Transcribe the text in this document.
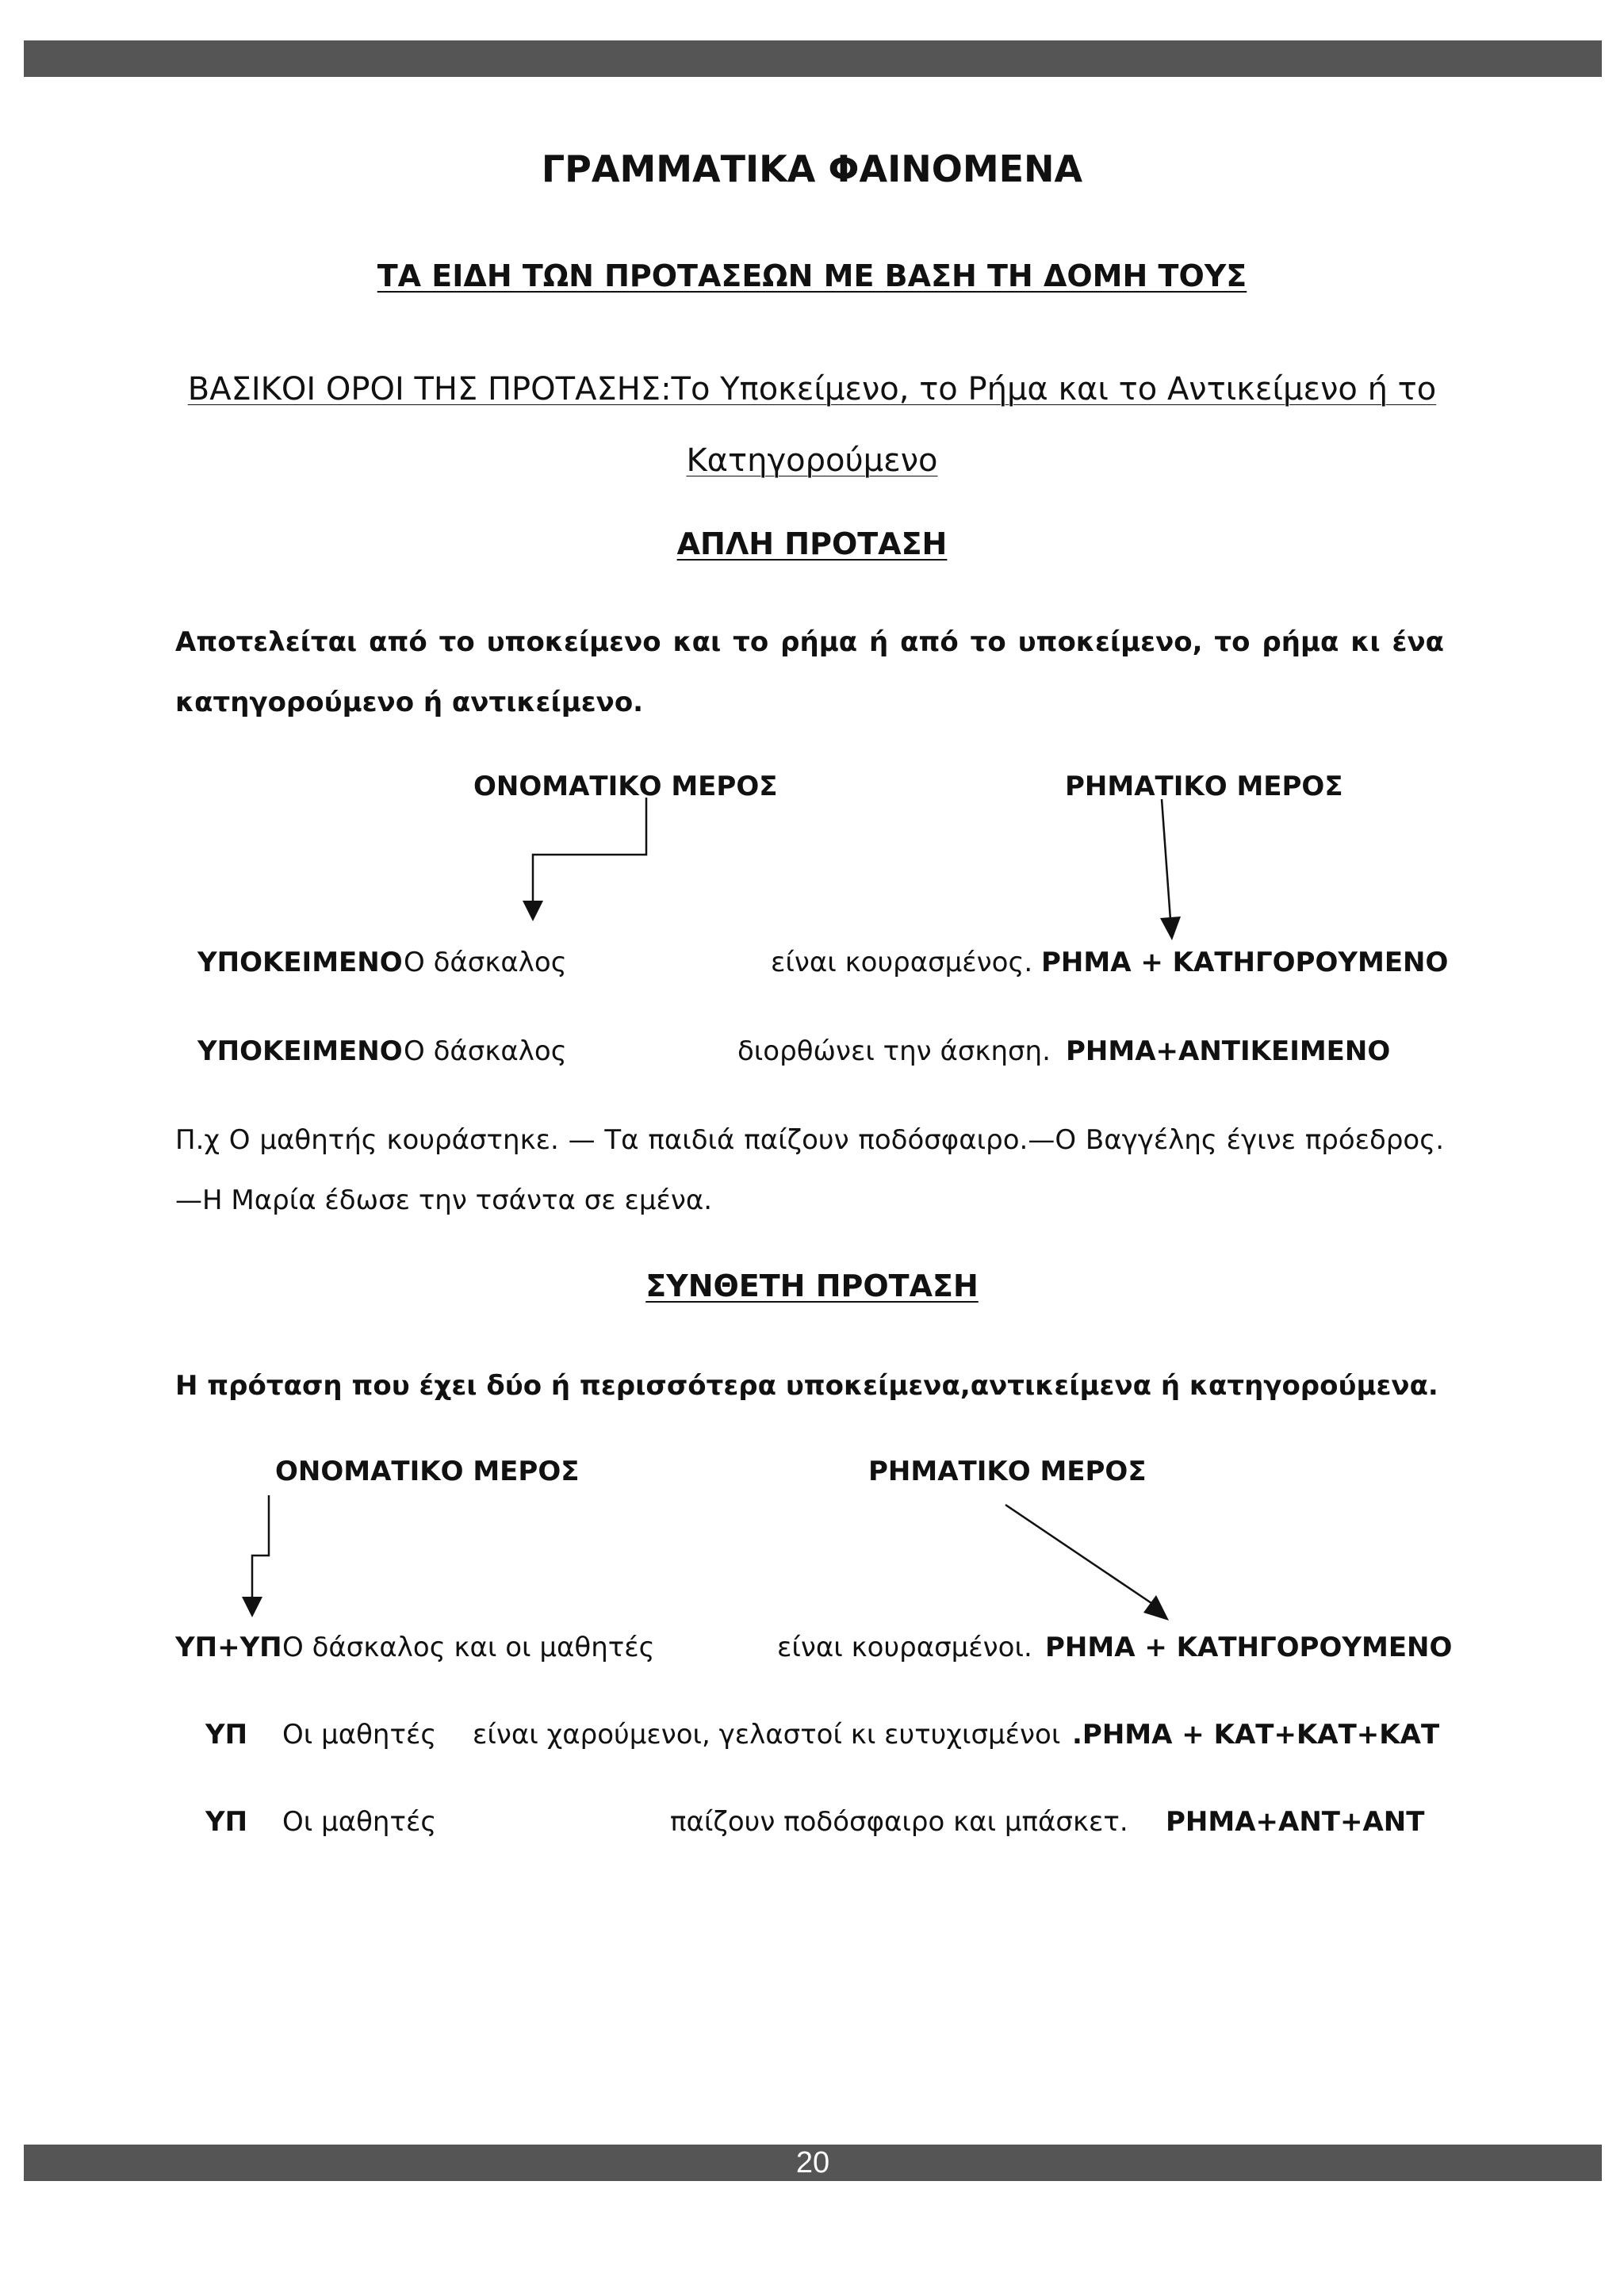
ΓΡΑΜΜΑΤΙΚΑ ΦΑΙΝΟΜΕΝΑ
ΤΑ ΕΙΔΗ ΤΩΝ ΠΡΟΤΑΣΕΩΝ ΜΕ ΒΑΣΗ ΤΗ ΔΟΜΗ ΤΟΥΣ
ΒΑΣΙΚΟΙ ΟΡΟΙ ΤΗΣ ΠΡΟΤΑΣΗΣ:Το Υποκείμενο, το Ρήμα και το Αντικείμενο ή το
Κατηγορούμενο
ΑΠΛΗ ΠΡΟΤΑΣΗ
Αποτελείται από το υποκείμενο και το ρήμα ή από το υποκείμενο, το ρήμα κι ένα κατηγορούμενο ή αντικείμενο.
ΟΝΟΜΑΤΙΚΟ ΜΕΡΟΣ	ΡΗΜΑΤΙΚΟ ΜΕΡΟΣ
ΥΠΟΚΕΙΜΕΝΟ Ο δάσκαλος	είναι κουρασμένος. ΡΗΜΑ + ΚΑΤΗΓΟΡΟΥΜΕΝΟ
ΥΠΟΚΕΙΜΕΝΟ Ο δάσκαλος	διορθώνει την άσκηση. ΡΗΜΑ+ΑΝΤΙΚΕΙΜΕΝΟ
Π.χ Ο μαθητής κουράστηκε. — Τα παιδιά παίζουν ποδόσφαιρο.—Ο Βαγγέλης έγινε πρόεδρος. —Η Μαρία έδωσε την τσάντα σε εμένα.
ΣΥΝΘΕΤΗ ΠΡΟΤΑΣΗ
Η πρόταση που έχει δύο ή περισσότερα υποκείμενα,αντικείμενα ή κατηγορούμενα.
ΟΝΟΜΑΤΙΚΟ ΜΕΡΟΣ	ΡΗΜΑΤΙΚΟ ΜΕΡΟΣ
ΥΠ+ΥΠ Ο δάσκαλος και οι μαθητές	είναι κουρασμένοι. ΡΗΜΑ + ΚΑΤΗΓΟΡΟΥΜΕΝΟ
ΥΠ Οι μαθητές είναι χαρούμενοι, γελαστοί κι ευτυχισμένοι .ΡΗΜΑ + ΚΑΤ+ΚΑΤ+ΚΑΤ
ΥΠ Οι μαθητές	παίζουν ποδόσφαιρο και μπάσκετ. ΡΗΜΑ+ΑΝΤ+ΑΝΤ
20
